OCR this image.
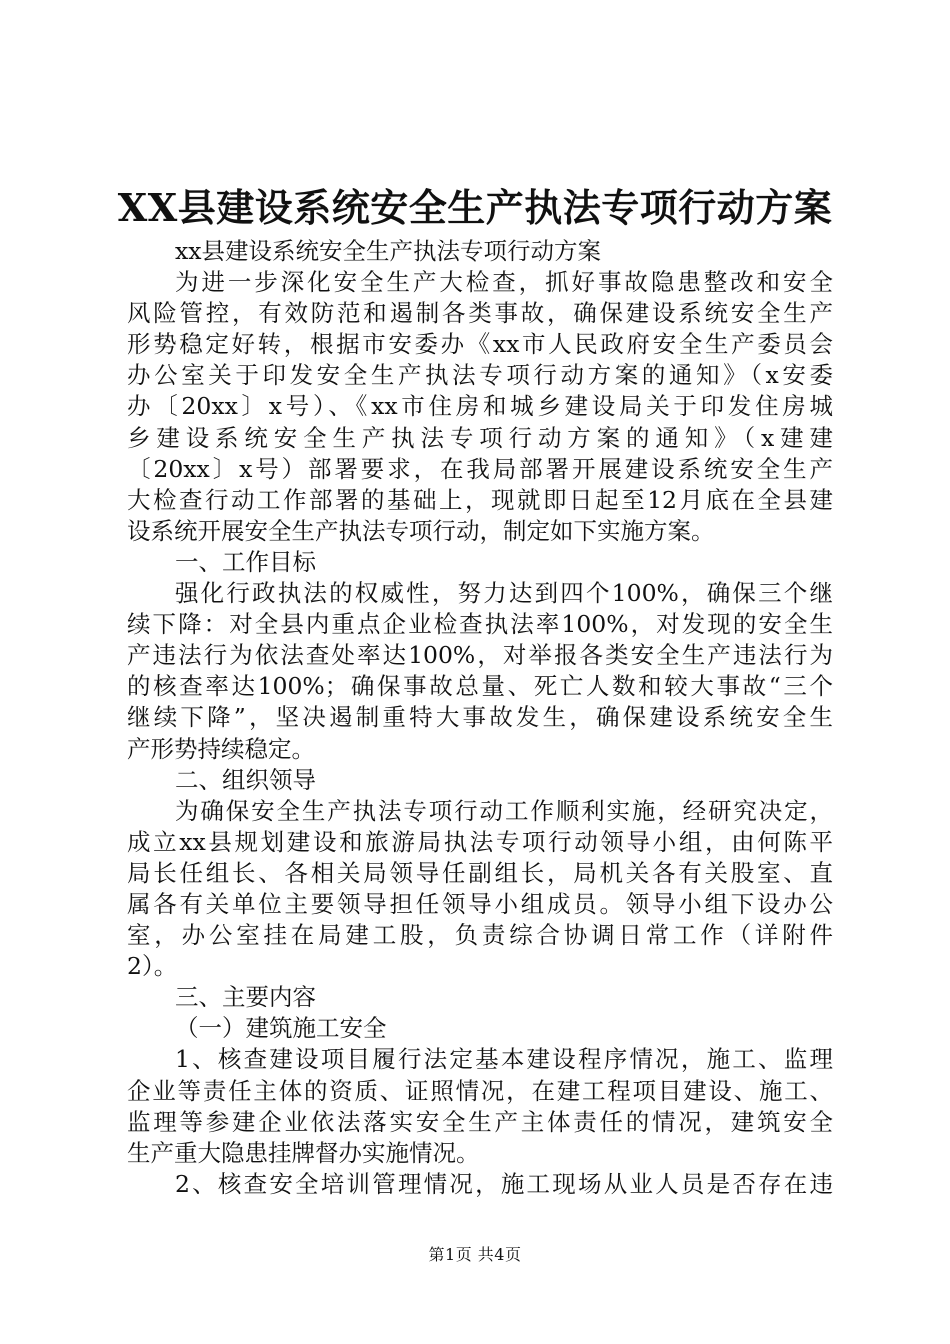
XX县建设系统安全生产执法专项行动方案
xx县建设系统安全生产执法专项行动方案
为进一步深化安全生产大检查，抓好事故隐患整改和安全
风险管控，有效防范和遏制各类事故，确保建设系统安全生产
形势稳定好转，根据市安委办《xx市人民政府安全生产委员会
办公室关于印发安全生产执法专项行动方案的通知》（x安委
办〔20xx〕x号）、《xx市住房和城乡建设局关于印发住房城
乡建设系统安全生产执法专项行动方案的通知》（x建建
〔20xx〕x号）部署要求，在我局部署开展建设系统安全生产
大检查行动工作部署的基础上，现就即日起至12月底在全县建
设系统开展安全生产执法专项行动，制定如下实施方案。
一、工作目标
强化行政执法的权威性，努力达到四个100%，确保三个继
续下降：对全县内重点企业检查执法率100%，对发现的安全生
产违法行为依法查处率达100%，对举报各类安全生产违法行为
的核查率达100%；确保事故总量、死亡人数和较大事故“三个
继续下降”，坚决遏制重特大事故发生，确保建设系统安全生
产形势持续稳定。
二、组织领导
为确保安全生产执法专项行动工作顺利实施，经研究决定，
成立xx县规划建设和旅游局执法专项行动领导小组，由何陈平
局长任组长、各相关局领导任副组长，局机关各有关股室、直
属各有关单位主要领导担任领导小组成员。领导小组下设办公
室，办公室挂在局建工股，负责综合协调日常工作（详附件
2）。
三、主要内容
（一）建筑施工安全
1、核查建设项目履行法定基本建设程序情况，施工、监理
企业等责任主体的资质、证照情况，在建工程项目建设、施工、
监理等参建企业依法落实安全生产主体责任的情况，建筑安全
生产重大隐患挂牌督办实施情况。
2、核查安全培训管理情况，施工现场从业人员是否存在违
第1页 共4页
